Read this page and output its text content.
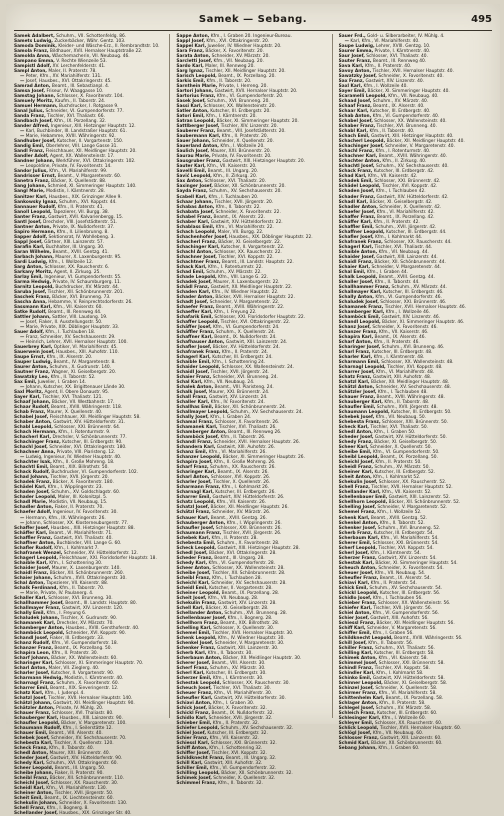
Samek — Sebang.	495
Samek Adalbert, Schuhm., VII. Schottenfeldg. 86.
Samets Ludwig, Zuckerbäcker, Währ. Gentz. 103.
Samoda Dominik, Kleider- und Wäsche-Erz., II. Rembrandtstr. 10.
Samola Franz, Bildhauer, XVII. Hernalser Hauptstraße 22.
Samolda Anna, Wäschemacherin, VII. Neubaug. 46.
Sampano Emma, V. Rechte Wienzeile 53.
Sampistl Adolf, XV. Lerchenfelderstr. 41.
Sampl Anton, Maler, II. Praterstr. 78.
— Peter, Kfm., XV. Mariahilferstr. 131.
— Josef, Hausbes., XVI. Ottakringerstr. 45.
Samrad Anton, Beamt., III. Sebastianpl. 4.
Samsa Josef, Friseur, IV. Waaggasse 10.
Samstag Johann, Schlosser, X. Favoritenstr. 104.
Samuely Moritz, Kaufm., II. Taborstr. 24.
Samuel Hermann, Buchdrucker, I. Rotgasse 9.
Sanal Julius, Schneider, VI. Gumpendorferstr. 77.
Sanda Franz, Tischler, XVI. Thaliastr. 66.
Sandbach Josef, Kfm., IX. Porzellang. 32.
Sander Alfred, Ingenieur, XIII. Hietzinger Hauptstr. 12.
— Karl, Buchbinder, III. Landstraßer Hauptstr. 61.
— Marie, Hebamme, XVIII. Währingerstr. 92.
Sandhuber Josef, Kutscher, II. Vorgartenstr. 150.
Sandig Emil, Oberlehrer, VIII. Lange Gasse 31.
Sandl Franz, Fleischhauer, XII. Meidlinger Hauptstr. 20.
Sandler Adolf, Agent, XX. Wallensteinstr. 17.
Sandner Johann, Werkführer, XVI. Ottakringerstr. 102.
— Leopoldine, Private, IV. Favoritenstr. 14.
Sandor Julius, Kfm., VI. Mariahilferstr. 99.
Sandrisser Ernst, Beamt., V. Margaretenstr. 60.
Sanetra Franz, Bäcker, X. Quellenstr. 88.
Sang Johann, Schmied, XI. Simmeringer Hauptstr. 140.
Sangl Marie, Modistin, I. Kärntnerstr. 28.
Sanitzer Karl, Hausbes., XIX. Grinzinger Allee 9.
Sankowsky Ignaz, Schuhm., XVI. Koppstr. 44.
Sannauer Rudolf, Kfm., II. Praterstr. 41.
Sanoll Leopold, Tapezierer, VII. Burgg. 38.
Santer Franz, Gastwirt, XVII. Kalvarienbergg. 15.
Santl Josef, Drechsler, VIII. Josefstädterstr. 51.
Santner Anton, Private, IX. Nußdorferstr. 37.
Sapiro Hermann, Kfm., II. Lilienbrunng. 8.
Sapper Adolf, Sektionsrat, IV. Wohllebeng. 3.
Sappl Josef, Gärtner, XIII. Lainzerstr. 57.
Sarafin Karl, Buchhalter, III. Ungarg. 30.
Saran Wilhelm, Beamt., XVIII. Gentzg. 41.
Sarbach Johann, Maurer, X. Laxenburgerstr. 95.
Sardi Ludwig, Kfm., I. Wollzeile 12.
Sarg Anton, Schlosser, XX. Rauscherstr. 6.
Sarkany Moritz, Agent, II. Zirkusg. 25.
Sarlay Emil, Ingenieur, VI. Gumpendorferstr. 55.
Sarma Hedwig, Private, IV. Schaumburgerg. 11.
Sarnitz Leopold, Buchdrucker, XV. Märzstr. 44.
Saruba Josef, Tischler, XII. Schönbrunnerstr. 201.
Saschek Franz, Bäcker, XVI. Brunneng. 73.
Sascha Anna, Hebamme, V. Reinprechtsdorferstr. 26.
Sassmann Karl, Kfm., VII. Kaiserstr. 60.
Satke Rudolf, Beamt., III. Rennweg 44.
Sattler Johann, Sattler, VIII. Laudong. 19.
— Josef, Fiaker, II. Ausstellungsstr. 50.
— Marie, Private, XIX. Döblinger Hauptstr. 33.
Sauer Adolf, Kfm., I. Tuchlauben 18.
— Franz, Schneider, XV. Sechshauserstr. 29.
— Heinrich, Lehrer, XVII. Hernalser Hauptstr. 100.
Sauerbrey Karl, Optiker, VI. Mariahilferstr. 45.
Sauerwein Josef, Hausbes., XIII. Auhofstr. 110.
Saupe Ernst, Kfm., IX. Alserstr. 20.
Sauper Ludwig, Beamt., IV. Margaretenstr. 8.
Saurer Anton, Schuhm., X. Gudrunstr. 140.
Sautner Franz, Wagner, XI. Geiselbergstr. 20.
Sawatzky Leo, Kfm., II. Taborstr. 52.
Sax Emil, Juwelier, I. Graben 14.
— Johann, Kutscher, XX. Brigittenauer Lände 30.
Saxl Moritz, Agent, II. Obere Donaustr. 95.
Sayer Karl, Tischler, XVI. Thaliastr. 121.
Schaaf Johann, Bäcker, VII. Westbahnstr. 17.
Schaar Rudolf, Beamt., XVIII. Währingerstr. 118.
Schab Franz, Maurer, X. Quellenstr. 40.
Schabel Josef, Fleischhauer, XII. Meidlinger Hauptstr. 58.
Schaber Anton, Gastwirt, XIV. Hütteldorferstr. 31.
Schabl Leopold, Schlosser, XXI. Brünnerstr. 64.
Schach Hermann, Kfm., I. Rotenturmstr. 9.
Schacherl Karl, Drechsler, V. Schönbrunnerstr. 77.
Schachinger Franz, Kutscher, III. Erdbergstr. 90.
Schachl Josef, Schneider, XVI. Ottakringerstr. 180.
Schachner Anna, Private, VIII. Piaristeng. 12.
— Ludwig, Ingenieur, IV. Wiedner Hauptstr. 40.
Schachter Isak, Kfm., II. Große Mohreng. 18.
Schachtl Emil, Beamt., XIX. Billrothstr. 50.
Schack Rudolf, Buchdrucker, VI. Gumpendorferstr. 102.
Schad Johann, Tischler, XVII. Jörgerstr. 20.
Schadek Franz, Bäcker, X. Favoritenstr. 180.
Schädel Karl, Kfm., I. Wipplingerstr. 23.
Schaden Josef, Schuhm., XV. Goldschlagstr. 60.
Schader Leopold, Maler, III. Kolonitzpl. 5.
Schadl Marie, Modistin, VII. Neubaug. 15.
Schadler Anton, Fiaker, II. Praterstr. 70.
Schaefer Adolf, Ingenieur, IV. Favoritenstr. 30.
— Hermann, Kfm., IX. Währingerstr. 26.
— Johann, Schlosser, XX. Klosterneuburgerstr. 77.
Schaffer Josef, Hausbes., XIII. Hietzinger Hauptstr. 88.
Schäffer Karl, Beamt., VI. Mariahilferstr. 71.
Schaffler Franz, Gastwirt, XVI. Thaliastr. 40.
Schaffner Anton, Buchbinder, VIII. Lange G. 60.
Schafler Rudolf, Kfm., I. Kohlmarkt 7.
Schafranek Wenzel, Schneider, XV. Hütteldorferstr. 12.
Schagerl Leopold, Fleischhauer, XXI. Floridsdorfer Hauptstr. 18.
Schaible Karl, Kfm., I. Schottenring 30.
Schaider Josef, Maurer, X. Laxenburgerstr. 140.
Schaidl Franz, Bäcker, XII. Schönbrunnerstr. 260.
Schaier Johann, Schuhm., XVII. Ottakringerstr. 30.
Schal Anton, Tapezierer, VII. Kaiserstr. 88.
Schalk Ferdinand, Kfm., II. Taborstr. 70.
— Marie, Private, IV. Paulanerg. 4.
Schaller Karl, Schlosser, XVI. Brunneng. 30.
Schallhammer Josef, Beamt., III. Landstr. Hauptstr. 80.
Schallmayer Franz, Gastwirt, XIV. Linzerstr. 120.
Schally Emil, Kfm., I. Freyung 6.
Schaludek Johann, Tischler, X. Gudrunstr. 90.
Schamanek Karl, Drechsler, XV. Märzstr. 70.
Schamberger Anton, Hausbes., XVIII. Gersthoferstr. 40.
Schamböck Leopold, Schneider, XVI. Koppstr. 90.
Schandl Josef, Fiaker, III. Erdbergstr. 33.
Schanz Rudolf, Kfm., VI. Gumpendorferstr. 18.
Schanzer Franz, Beamt., IX. Porzellang. 50.
Schapira Leon, Kfm., II. Praterstr. 30.
Scharf Johann, Bäcker, XX. Wallensteinstr. 60.
Scharinger Karl, Schlosser, XI. Simmeringer Hauptstr. 70.
Scharl Anton, Maler, VII. Zieglerg. 40.
Scharler Josef, Kutscher, II. Vorgartenstr. 90.
Scharmann Hedwig, Modistin, I. Kärntnerstr. 40.
Scharnagl Franz, Schuhm., X. Favoritenstr. 60.
Scharrer Emil, Beamt., XIX. Sieveringerstr. 12.
Schatz Karl, Kfm., I. Judenpl. 4.
Schatzl Josef, Tischler, XVII. Hernalser Hauptstr. 140.
Schätzl Johann, Gastwirt, XII. Meidlinger Hauptstr. 90.
Schätzler Anton, Private, IV. Mühlg. 20.
Schauer Franz, Schlosser, XVI. Thaliastr. 80.
Schauberger Karl, Hausbes., XIII. Lainzerstr. 90.
Schaufler Leopold, Bäcker, V. Margaretenstr. 100.
Schaumann Rudolf, Kfm., I. Seilerstätte 12.
Schauer Emil, Beamt., VIII. Alserstr. 40.
Schebek Josef, Schneider, XV. Sechshauserstr. 70.
Schebesta Karl, Tischler, X. Quellenstr. 120.
Scheck Franz, Kfm., II. Taborstr. 40.
Schedl Anton, Maurer, XXI. Brünnerstr. 40.
Scheder Josef, Gastwirt, XIV. Hütteldorferstr. 90.
Schedy Karl, Schuhm., XVI. Ottakringerstr. 60.
Scheer Leopold, Beamt., III. Ungarg. 50.
Scheibe Johann, Fiaker, II. Praterstr. 90.
Scheibl Franz, Bäcker, XII. Schönbrunnerstr. 110.
Scheichl Josef, Schlosser, XX. Rauscherstr. 30.
Scheidl Karl, Kfm., VI. Mariahilferstr. 130.
Scheiner Anton, Tischler, XVII. Jörgerstr. 50.
Scheit Emil, Beamt., IX. Liechtensteinstr. 60.
Schekulin Johann, Schneider, X. Favoritenstr. 130.
Schell Franz, Kfm., I. Bognerg. 8.
Schellander Josef, Hausbes., XIX. Grinzinger Str. 40.
Sappe Anton, Kfm., I. Graben 20. Ingenieur-Bureau.
Sappl Josef, Kfm., XVI. Ottakringerstr. 20.
Sappel Karl, Juwelier, IV. Wiedner Hauptstr. 20.
Sara Franz, Bäcker, X. Favoritenstr. 20.
Sarata Anton, Schneider, XV. Märzstr. 20.
Sarcletti Josef, Kfm., VII. Neubaug. 20.
Sardo Karl, Maler, III. Rennweg 20.
Sarg Ignaz, Tischler, XII. Meidlinger Hauptstr. 20.
Sarisch Leopold, Beamt., IX. Porzellang. 20.
Sarkis Emil, Kfm., II. Taborstr. 20.
Sarnthein Marie, Private, I. Herreng. 20.
Sartori Johann, Gastwirt, XVII. Hernalser Hauptstr. 20.
Sartorius Franz, Kfm., VI. Gumpendorferstr. 20.
Sasek Josef, Schuhm., XVI. Brunneng. 20.
Sassi Karl, Schlosser, XX. Wallensteinstr. 20.
Satler Anton, Kutscher, III. Erdbergstr. 20.
Satori Emil, Kfm., I. Kärntnerstr. 20.
Satran Leopold, Bäcker, XI. Simmeringer Hauptstr. 20.
Sattlberger Josef, Tischler, XIV. Linzerstr. 20.
Sauberer Franz, Beamt., VIII. Josefstädterstr. 20.
Saubermann Karl, Kfm., II. Praterstr. 20.
Sauer Johann, Schneider, X. Quellenstr. 20.
Sauerland Anton, Kfm., I. Wollzeile 20.
Saulich Josef, Maurer, XXI. Brünnerstr. 20.
Saurau Marie, Private, IV. Favoritenstr. 20.
Sausgruber Franz, Gastwirt, XIII. Hietzinger Hauptstr. 20.
Sauter Karl, Kfm., VII. Kaiserstr. 20.
Savelli Emil, Beamt., III. Ungarg. 20.
Savić Leopold, Kfm., II. Zirkusg. 20.
Sax Anton, Schlosser, XVI. Thaliastr. 20.
Saxinger Josef, Bäcker, XII. Schönbrunnerstr. 20.
Sayda Franz, Schuhm., XV. Sechshauserstr. 20.
Scabell Karl, Kfm., I. Tuchlauben 20.
Schaar Johann, Tischler, XVII. Jörgerstr. 20.
Schabas Anton, Kfm., II. Taborstr. 22.
Schabata Josef, Schneider, X. Favoritenstr. 22.
Schabel Franz, Beamt., IX. Alserstr. 22.
Schaber Karl, Gastwirt, XIV. Hütteldorferstr. 22.
Schablass Emil, Kfm., VI. Mariahilferstr. 22.
Schach Leopold, Maler, VII. Burgg. 22.
Schachenhofer Josef, Hausbes., XIX. Döblinger Hauptstr. 22.
Schacherl Franz, Bäcker, XI. Geiselbergstr. 22.
Schachinger Karl, Kutscher, II. Vorgartenstr. 22.
Schachl Anton, Schlosser, XX. Rauscherstr. 22.
Schachner Josef, Tischler, XVI. Koppstr. 22.
Schachtner Franz, Beamt., III. Landstr. Hauptstr. 22.
Schack Karl, Kfm., I. Rotenturmstr. 22.
Schad Emil, Schuhm., XV. Märzstr. 22.
Schade Leopold, Kfm., VIII. Lange G. 22.
Schadek Josef, Maurer, X. Laxenburgerstr. 22.
Schädl Franz, Gastwirt, XII. Meidlinger Hauptstr. 22.
Schaden Karl, Kfm., IV. Wiedner Hauptstr. 22.
Schader Anton, Bäcker, XVII. Hernalser Hauptstr. 22.
Schadt Josef, Schneider, V. Margaretenstr. 22.
Schaefer Franz, Beamt., XVIII. Währingerstr. 22.
Schaeffer Karl, Kfm., I. Freyung 22.
Schafarik Emil, Schlosser, XXI. Floridsdorfer Hauptstr. 22.
Schaffer Leopold, Tischler, XVI. Ottakringerstr. 22.
Schäffer Josef, Kfm., VI. Gumpendorferstr. 24.
Schäffler Franz, Schuhm., X. Quellenstr. 24.
Schaffner Karl, Beamt., IX. Nußdorferstr. 24.
Schafhauser Anton, Gastwirt, XIII. Lainzerstr. 24.
Schafler Josef, Bäcker, XV. Hütteldorferstr. 24.
Schafranek Franz, Kfm., II. Praterstr. 24.
Schagerl Karl, Kutscher, III. Erdbergstr. 24.
Schaible Emil, Kfm., I. Schottenring 24.
Schaider Leopold, Schlosser, XX. Wallensteinstr. 24.
Schaidl Josef, Tischler, XVII. Jörgerstr. 24.
Schaier Franz, Schneider, XVI. Brunneng. 24.
Schal Karl, Kfm., VII. Neubaug. 24.
Schalek Anton, Beamt., VIII. Piaristeng. 24.
Schalk Josef, Maurer, XXI. Brünnerstr. 24.
Schall Franz, Gastwirt, XIV. Linzerstr. 24.
Schaller Karl, Kfm., IV. Favoritenstr. 24.
Schallhas Emil, Bäcker, XII. Schönbrunnerstr. 24.
Schallmayer Leopold, Schuhm., XV. Sechshauserstr. 24.
Schally Josef, Kfm., I. Graben 24.
Schamal Franz, Schlosser, X. Favoritenstr. 26.
Schamanek Karl, Tischler, XVI. Thaliastr. 26.
Schamberger Anton, Beamt., III. Rennweg 26.
Schamböck Josef, Kfm., II. Taborstr. 26.
Schandl Franz, Schneider, XVII. Hernalser Hauptstr. 26.
Schandera Karl, Gastwirt, XIII. Auhofstr. 26.
Schanz Emil, Kfm., VI. Mariahilferstr. 26.
Schanzer Leopold, Bäcker, XI. Simmeringer Hauptstr. 26.
Schapira Josef, Kfm., II. Große Mohreng. 26.
Scharf Franz, Schuhm., XX. Rauscherstr. 26.
Scharinger Karl, Beamt., IX. Alserstr. 26.
Scharl Anton, Schlosser, XVI. Koppstr. 26.
Scharler Josef, Tischler, X. Quellenstr. 26.
Scharmann Franz, Kfm., I. Kohlmarkt 26.
Scharnagl Karl, Kutscher, III. Erdbergstr. 26.
Scharrer Emil, Gastwirt, XIV. Hütteldorferstr. 26.
Schatz Leopold, Kfm., VII. Kaiserstr. 26.
Schatzl Josef, Bäcker, XII. Meidlinger Hauptstr. 26.
Schätzl Franz, Schneider, XV. Märzstr. 26.
Schauer Karl, Beamt., XVIII. Gentzg. 26.
Schauberger Anton, Kfm., I. Wipplingerstr. 26.
Schaufler Josef, Schlosser, XXI. Brünnerstr. 26.
Schaumann Franz, Tischler, XVII. Jörgerstr. 26.
Schebek Karl, Kfm., II. Praterstr. 28.
Schebesta Emil, Schuhm., X. Favoritenstr. 28.
Scheck Leopold, Gastwirt, XIII. Hietzinger Hauptstr. 28.
Schedl Josef, Bäcker, XVI. Ottakringerstr. 28.
Scheder Franz, Beamt., III. Ungarg. 28.
Schedy Karl, Kfm., VI. Gumpendorferstr. 28.
Scheer Anton, Schlosser, XX. Wallensteinstr. 28.
Scheibe Josef, Tischler, XII. Schönbrunnerstr. 28.
Scheibl Franz, Kfm., I. Tuchlauben 28.
Scheichl Karl, Schneider, XV. Sechshauserstr. 28.
Scheidl Emil, Kutscher, II. Vorgartenstr. 28.
Scheiner Leopold, Beamt., IX. Porzellang. 28.
Scheit Josef, Kfm., VII. Neubaug. 28.
Schekulin Franz, Gastwirt, XIV. Linzerstr. 28.
Schell Karl, Bäcker, XI. Geiselbergstr. 28.
Schellander Anton, Schuhm., XVI. Brunneng. 28.
Schellenbauer Josef, Kfm., I. Bognerg. 28.
Schellhorn Franz, Beamt., XIX. Billrothstr. 28.
Schelling Karl, Schlosser, X. Quellenstr. 30.
Schemel Emil, Tischler, XVII. Hernalser Hauptstr. 30.
Schenk Leopold, Kfm., IV. Wiedner Hauptstr. 30.
Schenkel Josef, Schneider, V. Margaretenstr. 30.
Schenker Franz, Gastwirt, XIII. Lainzerstr. 30.
Scherb Karl, Kfm., II. Taborstr. 30.
Scherbaum Anton, Bäcker, XII. Meidlinger Hauptstr. 30.
Scherer Josef, Beamt., VIII. Alserstr. 30.
Scherf Franz, Schuhm., XV. Märzstr. 30.
Scherl Karl, Kutscher, III. Erdbergstr. 30.
Scherzer Emil, Kfm., I. Kärntnerstr. 30.
Schestak Leopold, Schlosser, XX. Rauscherstr. 30.
Scheuch Josef, Tischler, XVI. Thaliastr. 30.
Scheuer Franz, Kfm., VI. Mariahilferstr. 30.
Scheufler Karl, Gastwirt, XIV. Hütteldorferstr. 30.
Schiavi Anton, Kfm., I. Graben 30.
Schick Josef, Bäcker, X. Favoritenstr. 32.
Schickl Franz, Beamt., IX. Nußdorferstr. 32.
Schidlo Karl, Schneider, XVII. Jörgerstr. 32.
Schieber Emil, Kfm., II. Praterstr. 32.
Schiefer Leopold, Schuhm., XV. Sechshauserstr. 32.
Schiel Josef, Kutscher, III. Erdbergstr. 32.
Schier Franz, Kfm., VII. Kaiserstr. 32.
Schiessl Karl, Schlosser, XXI. Brünnerstr. 32.
Schiff Anton, Kfm., I. Schottenring 32.
Schiffer Josef, Tischler, XVI. Koppstr. 32.
Schildknecht Franz, Beamt., III. Ungarg. 32.
Schill Karl, Gastwirt, XIII. Auhofstr. 32.
Schiller Emil, Kfm., VI. Gumpendorferstr. 32.
Schilling Leopold, Bäcker, XII. Schönbrunnerstr. 32.
Schimek Josef, Schneider, X. Quellenstr. 32.
Schimmel Franz, Kfm., II. Taborstr. 32.
Sauer Frd., Gold- u. Silberarbeiter, IV. Mühlg. 4.
— Karl, Kfm., VI. Mariahilferstr. 40.
Saupe Ludwig, Lehrer, XVIII. Gentzg. 10.
Saurer Emma, Private, I. Kärntnerstr. 40.
Saur Josef, Schlosser, XVI. Thaliastr. 40.
Sauter Franz, Beamt., III. Rennweg 40.
Sava Karl, Kfm., II. Praterstr. 40.
Savoy Anton, Tischler, XVII. Hernalser Hauptstr. 40.
Sawatzky Josef, Schneider, X. Favoritenstr. 40.
Sax Franz, Gastwirt, XIV. Linzerstr. 40.
Saxl Karl, Kfm., I. Wollzeile 40.
Sayer Emil, Bäcker, XI. Simmeringer Hauptstr. 40.
Scaramelli Leopold, Kfm., VII. Neubaug. 40.
Schaad Josef, Schuhm., XV. Märzstr. 40.
Schaaf Franz, Beamt., IX. Alserstr. 40.
Schaar Karl, Kutscher, III. Erdbergstr. 40.
Schab Anton, Kfm., VI. Gumpendorferstr. 40.
Schabel Josef, Schlosser, XX. Wallensteinstr. 40.
Schaber Franz, Tischler, XVI. Brunneng. 40.
Schabl Karl, Kfm., II. Taborstr. 40.
Schach Emil, Gastwirt, XIII. Hietzinger Hauptstr. 40.
Schacherl Leopold, Bäcker, XII. Meidlinger Hauptstr. 40.
Schachinger Josef, Schneider, V. Margaretenstr. 40.
Schachl Franz, Kfm., I. Rotenturmstr. 40.
Schachner Karl, Beamt., XVIII. Währingerstr. 40.
Schachter Anton, Kfm., II. Zirkusg. 40.
Schachtl Josef, Schuhm., XV. Sechshauserstr. 40.
Schack Franz, Kutscher, III. Erdbergstr. 42.
Schad Karl, Kfm., VII. Kaiserstr. 42.
Schadek Emil, Schlosser, XXI. Brünnerstr. 42.
Schädel Leopold, Tischler, XVI. Koppstr. 42.
Schaden Josef, Kfm., I. Tuchlauben 42.
Schader Franz, Gastwirt, XIV. Hütteldorferstr. 42.
Schadl Karl, Bäcker, XI. Geiselbergstr. 42.
Schadler Anton, Schneider, X. Quellenstr. 42.
Schaefer Josef, Kfm., VI. Mariahilferstr. 42.
Schaffer Franz, Beamt., IX. Porzellang. 42.
Schäffer Karl, Kfm., II. Praterstr. 42.
Schaffler Emil, Schuhm., XVII. Jörgerstr. 42.
Schaffner Leopold, Kutscher, III. Erdbergstr. 44.
Schafler Josef, Kfm., I. Kohlmarkt 44.
Schafranek Franz, Schlosser, XX. Rauscherstr. 44.
Schagerl Karl, Tischler, XVI. Thaliastr. 44.
Schaible Anton, Kfm., VII. Neubaug. 44.
Schaider Josef, Gastwirt, XIII. Lainzerstr. 44.
Schaidl Franz, Bäcker, XII. Schönbrunnerstr. 44.
Schaier Karl, Schneider, V. Margaretenstr. 44.
Schal Emil, Kfm., I. Graben 44.
Schalk Leopold, Beamt., XVIII. Gentzg. 44.
Schaller Josef, Kfm., II. Taborstr. 44.
Schallhammer Franz, Schuhm., XV. Märzstr. 44.
Schallmayer Karl, Kutscher, III. Erdbergstr. 46.
Schally Anton, Kfm., VI. Gumpendorferstr. 46.
Schaludek Josef, Schlosser, XXI. Brünnerstr. 46.
Schamanek Franz, Tischler, XVII. Hernalser Hauptstr. 46.
Schamberger Karl, Kfm., I. Wollzeile 46.
Schamböck Emil, Gastwirt, XIV. Linzerstr. 46.
Schandl Leopold, Bäcker, XI. Simmeringer Hauptstr. 46.
Schanz Josef, Schneider, X. Favoritenstr. 46.
Schanzer Franz, Kfm., VII. Kaiserstr. 46.
Schapira Karl, Beamt., IX. Alserstr. 46.
Scharf Anton, Kfm., II. Praterstr. 46.
Scharinger Josef, Schuhm., XVI. Brunneng. 46.
Scharl Franz, Kutscher, III. Erdbergstr. 48.
Scharler Karl, Kfm., I. Kärntnerstr. 48.
Scharmann Emil, Schlosser, XX. Wallensteinstr. 48.
Scharnagl Leopold, Tischler, XVI. Koppstr. 48.
Scharrer Josef, Kfm., VI. Mariahilferstr. 48.
Schatz Franz, Gastwirt, XIII. Auhofstr. 48.
Schatzl Karl, Bäcker, XII. Meidlinger Hauptstr. 48.
Schätzl Anton, Schneider, XV. Sechshauserstr. 48.
Schätzler Josef, Kfm., I. Tuchlauben 48.
Schauer Franz, Beamt., XVIII. Währingerstr. 48.
Schauberger Karl, Kfm., II. Taborstr. 48.
Schaufler Emil, Schuhm., XVII. Jörgerstr. 48.
Schaumann Leopold, Kutscher, III. Erdbergstr. 50.
Schebek Josef, Kfm., VII. Neubaug. 50.
Schebesta Franz, Schlosser, XXI. Brünnerstr. 50.
Scheck Karl, Tischler, XVI. Thaliastr. 50.
Schedl Anton, Kfm., I. Graben 50.
Scheder Josef, Gastwirt, XIV. Hütteldorferstr. 50.
Schedy Franz, Bäcker, XI. Geiselbergstr. 50.
Scheer Karl, Schneider, X. Quellenstr. 50.
Scheibe Emil, Kfm., VI. Gumpendorferstr. 50.
Scheibl Leopold, Beamt., IX. Porzellang. 50.
Scheichl Josef, Kfm., II. Praterstr. 50.
Scheidl Franz, Schuhm., XV. Märzstr. 50.
Scheiner Karl, Kutscher, III. Erdbergstr. 52.
Scheit Anton, Kfm., I. Kohlmarkt 52.
Schekulin Josef, Schlosser, XX. Rauscherstr. 52.
Schell Franz, Tischler, XVII. Hernalser Hauptstr. 52.
Schellander Karl, Kfm., VII. Kaiserstr. 52.
Schellenbauer Emil, Gastwirt, XIII. Lainzerstr. 52.
Schellhorn Leopold, Bäcker, XII. Schönbrunnerstr. 52.
Schelling Josef, Schneider, V. Margaretenstr. 52.
Schemel Franz, Kfm., I. Wollzeile 52.
Schenk Karl, Beamt., XVIII. Gentzg. 52.
Schenkel Anton, Kfm., II. Taborstr. 52.
Schenker Josef, Schuhm., XVI. Brunneng. 52.
Scherb Franz, Kutscher, III. Erdbergstr. 54.
Scherbaum Karl, Kfm., VI. Mariahilferstr. 54.
Scherer Emil, Schlosser, XXI. Brünnerstr. 54.
Scherf Leopold, Tischler, XVI. Koppstr. 54.
Scherl Josef, Kfm., I. Kärntnerstr. 54.
Scherzer Franz, Gastwirt, XIV. Linzerstr. 54.
Schestak Karl, Bäcker, XI. Simmeringer Hauptstr. 54.
Scheuch Anton, Schneider, X. Favoritenstr. 54.
Scheuer Josef, Kfm., VII. Neubaug. 54.
Scheufler Franz, Beamt., IX. Alserstr. 54.
Schiavi Karl, Kfm., II. Praterstr. 54.
Schick Emil, Schuhm., XV. Sechshauserstr. 54.
Schickl Leopold, Kutscher, III. Erdbergstr. 56.
Schidlo Josef, Kfm., I. Tuchlauben 56.
Schieber Franz, Schlosser, XX. Wallensteinstr. 56.
Schiefer Karl, Tischler, XVII. Jörgerstr. 56.
Schiel Anton, Kfm., VI. Gumpendorferstr. 56.
Schier Josef, Gastwirt, XIII. Auhofstr. 56.
Schiessl Franz, Bäcker, XII. Meidlinger Hauptstr. 56.
Schiff Karl, Schneider, V. Margaretenstr. 56.
Schiffer Emil, Kfm., I. Graben 56.
Schildknecht Leopold, Beamt., XVIII. Währingerstr. 56.
Schill Josef, Kfm., II. Taborstr. 56.
Schiller Franz, Schuhm., XVI. Thaliastr. 56.
Schilling Karl, Kutscher, III. Erdbergstr. 58.
Schimek Anton, Kfm., VII. Kaiserstr. 58.
Schimmel Josef, Schlosser, XXI. Brünnerstr. 58.
Schindl Franz, Tischler, XVI. Koppstr. 58.
Schindler Karl, Kfm., I. Kohlmarkt 58.
Schinko Emil, Gastwirt, XIV. Hütteldorferstr. 58.
Schinner Leopold, Bäcker, XI. Geiselbergstr. 58.
Schinzel Josef, Schneider, X. Quellenstr. 58.
Schirmer Franz, Kfm., VI. Mariahilferstr. 58.
Schittenhelm Karl, Beamt., IX. Porzellang. 58.
Schlager Anton, Kfm., II. Praterstr. 58.
Schlegel Josef, Schuhm., XV. Märzstr. 58.
Schleich Franz, Kutscher, III. Erdbergstr. 60.
Schlesinger Karl, Kfm., I. Wollzeile 60.
Schleyer Emil, Schlosser, XX. Rauscherstr. 60.
Schlick Leopold, Tischler, XVII. Hernalser Hauptstr. 60.
Schlögl Josef, Kfm., VII. Neubaug. 60.
Schlosser Franz, Gastwirt, XIII. Lainzerstr. 60.
Schmid Karl, Bäcker, XII. Schönbrunnerstr. 60.
Sebang Johann, Kfm., I. Graben 60.
